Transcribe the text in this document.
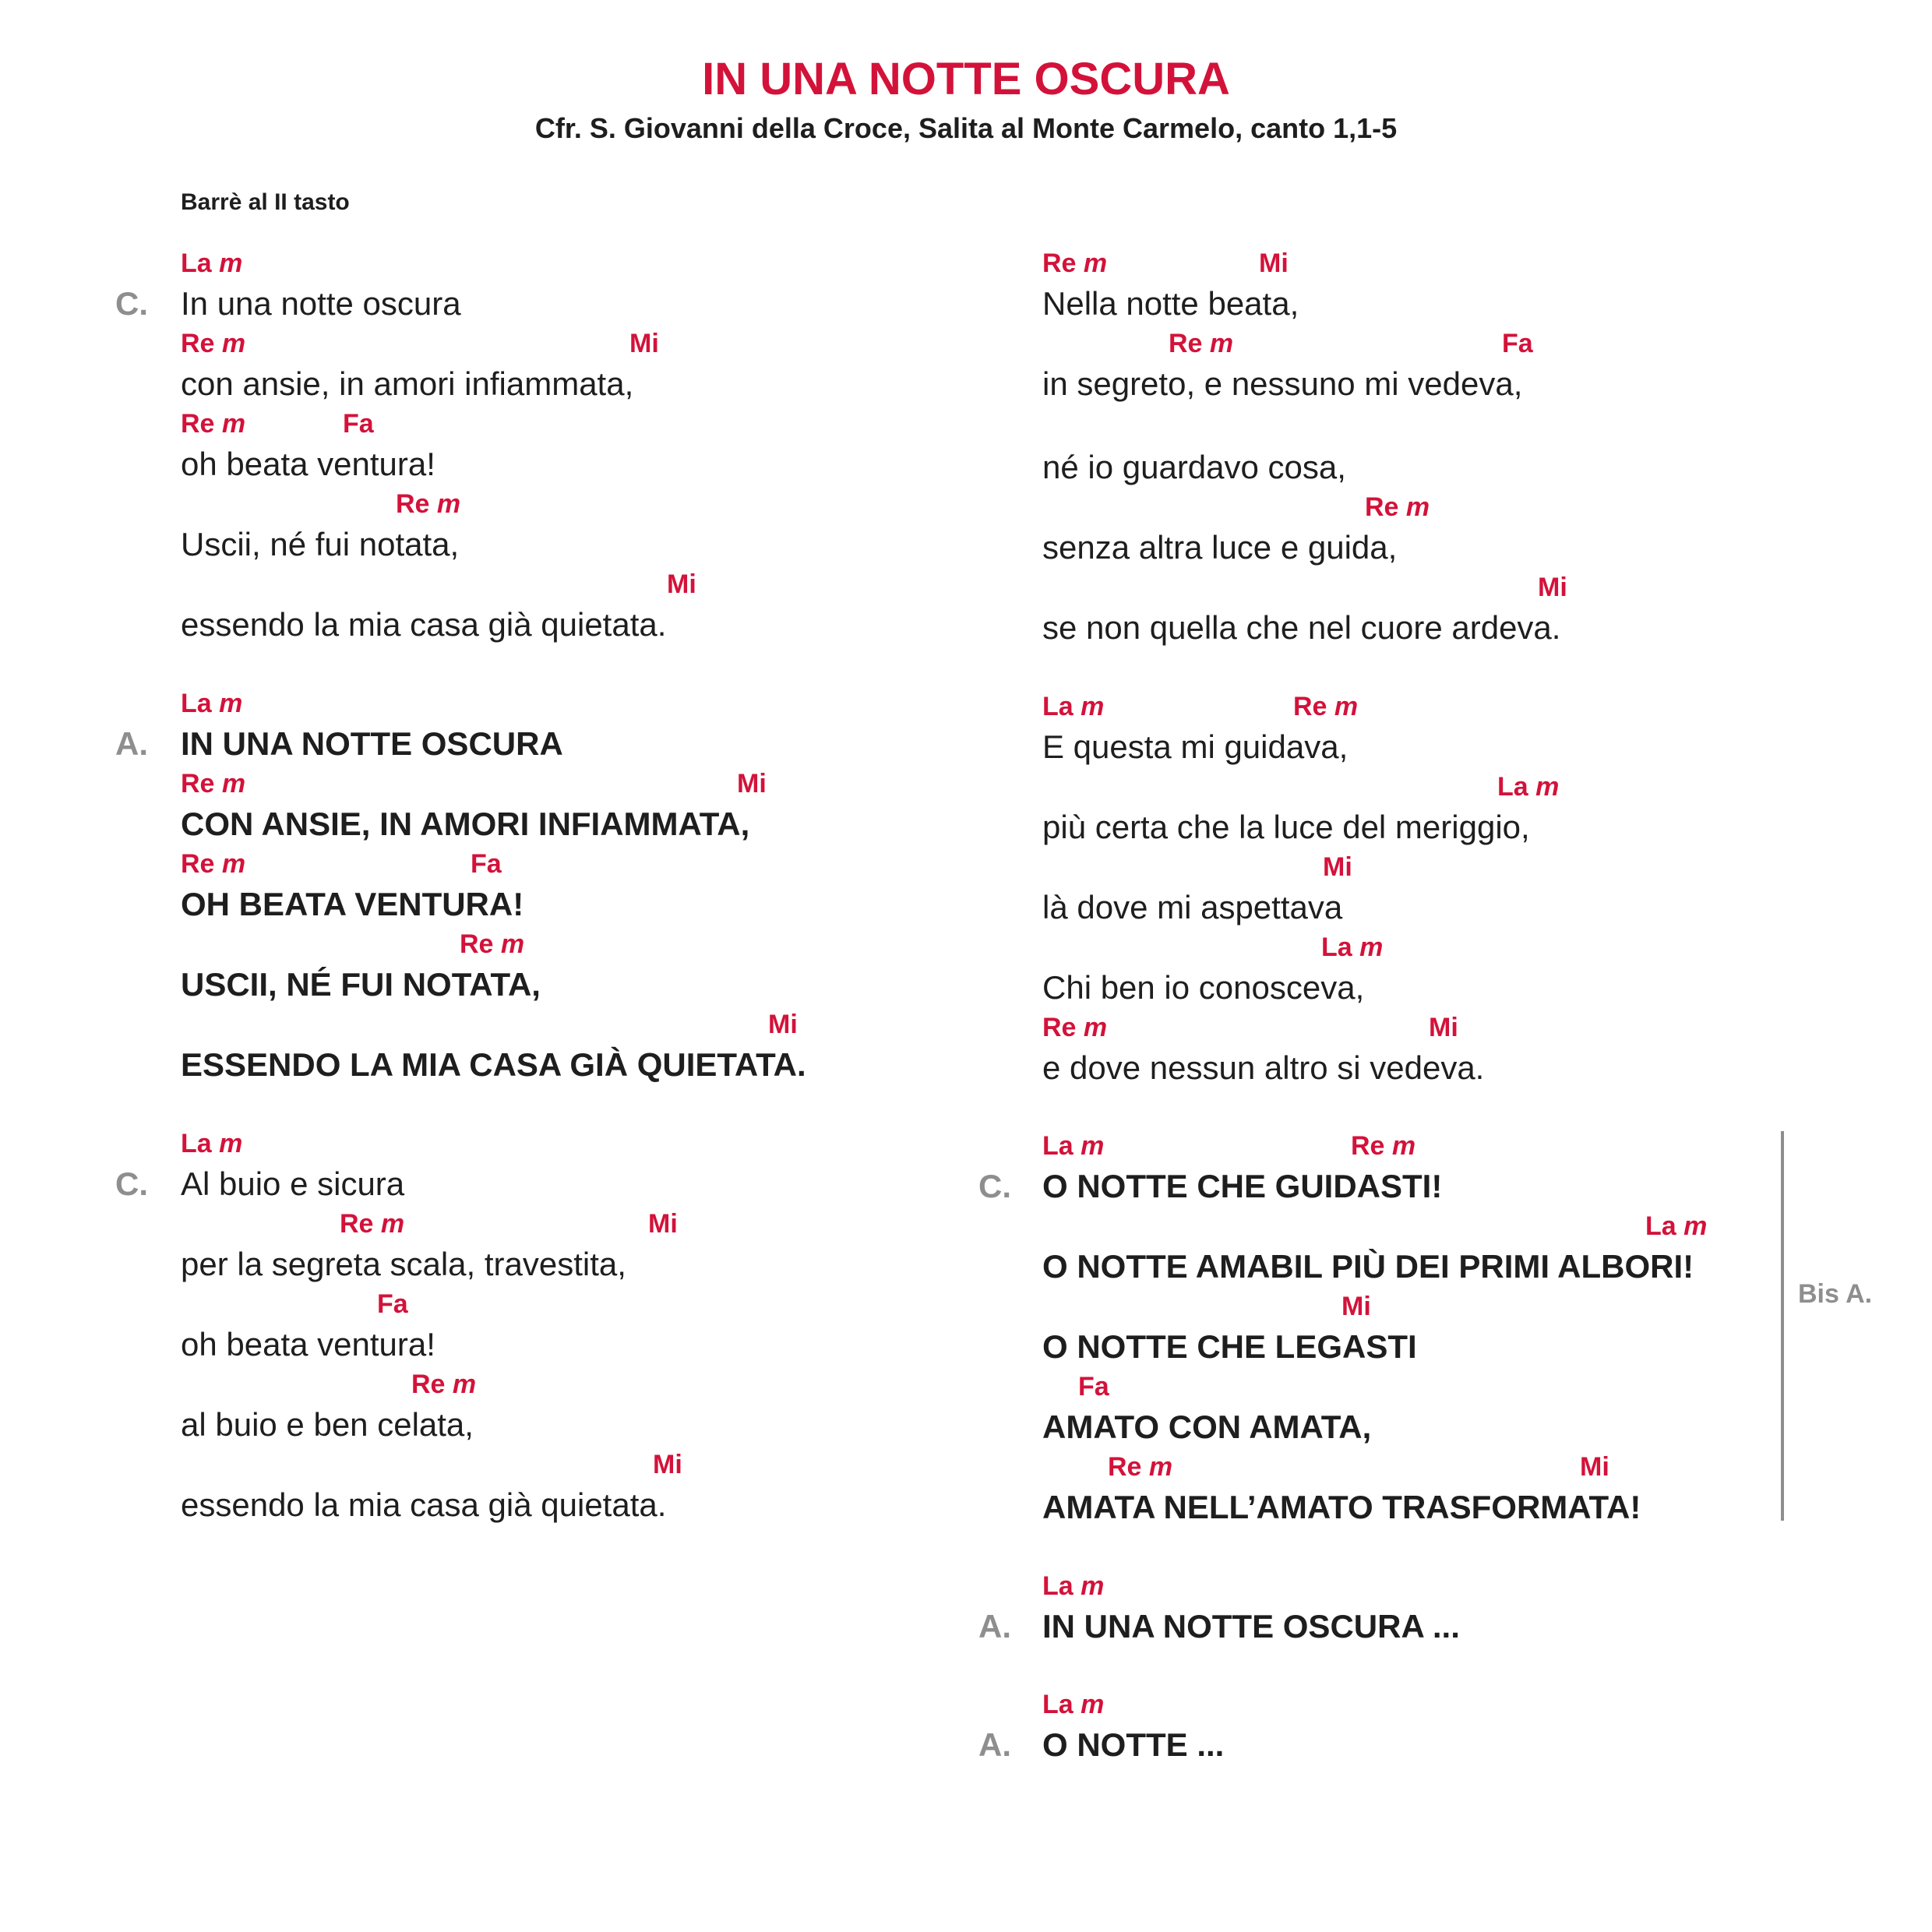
IN UNA NOTTE OSCURA
Cfr. S. Giovanni della Croce, Salita al Monte Carmelo, canto 1,1-5
Barrè al II tasto
C. In una notte oscura
La m
con ansie, in amori infiammata,
Re m	Mi
oh beata ventura!
Re m	Fa
Uscii, né fui notata,
Re m
essendo la mia casa già quietata.
Mi
A. IN UNA NOTTE OSCURA
La m
CON ANSIE, IN AMORI INFIAMMATA,
Re m	Mi
OH BEATA VENTURA!
Re m	Fa
USCII, NÉ FUI NOTATA,
Re m
ESSENDO LA MIA CASA GIÀ QUIETATA.
Mi
C. Al buio e sicura
La m
per la segreta scala, travestita,
Re m	Mi
oh beata ventura!
Fa
al buio e ben celata,
Re m
essendo la mia casa già quietata.
Mi
Nella notte beata,
Re m	Mi
in segreto, e nessuno mi vedeva,
Re m	Fa
né io guardavo cosa,
senza altra luce e guida,
Re m
se non quella che nel cuore ardeva.
Mi
E questa mi guidava,
La m	Re m
più certa che la luce del meriggio,
La m
là dove mi aspettava
Mi
Chi ben io conosceva,
La m
e dove nessun altro si vedeva.
Re m	Mi
C. O NOTTE CHE GUIDASTI!
La m	Re m
O NOTTE AMABIL PIÙ DEI PRIMI ALBORI!
La m
O NOTTE CHE LEGASTI
Mi
AMATO CON AMATA,
Fa
AMATA NELL’AMATO TRASFORMATA!
Re m	Mi
A. IN UNA NOTTE OSCURA ...
La m
A. O NOTTE ...
La m
Bis A.
